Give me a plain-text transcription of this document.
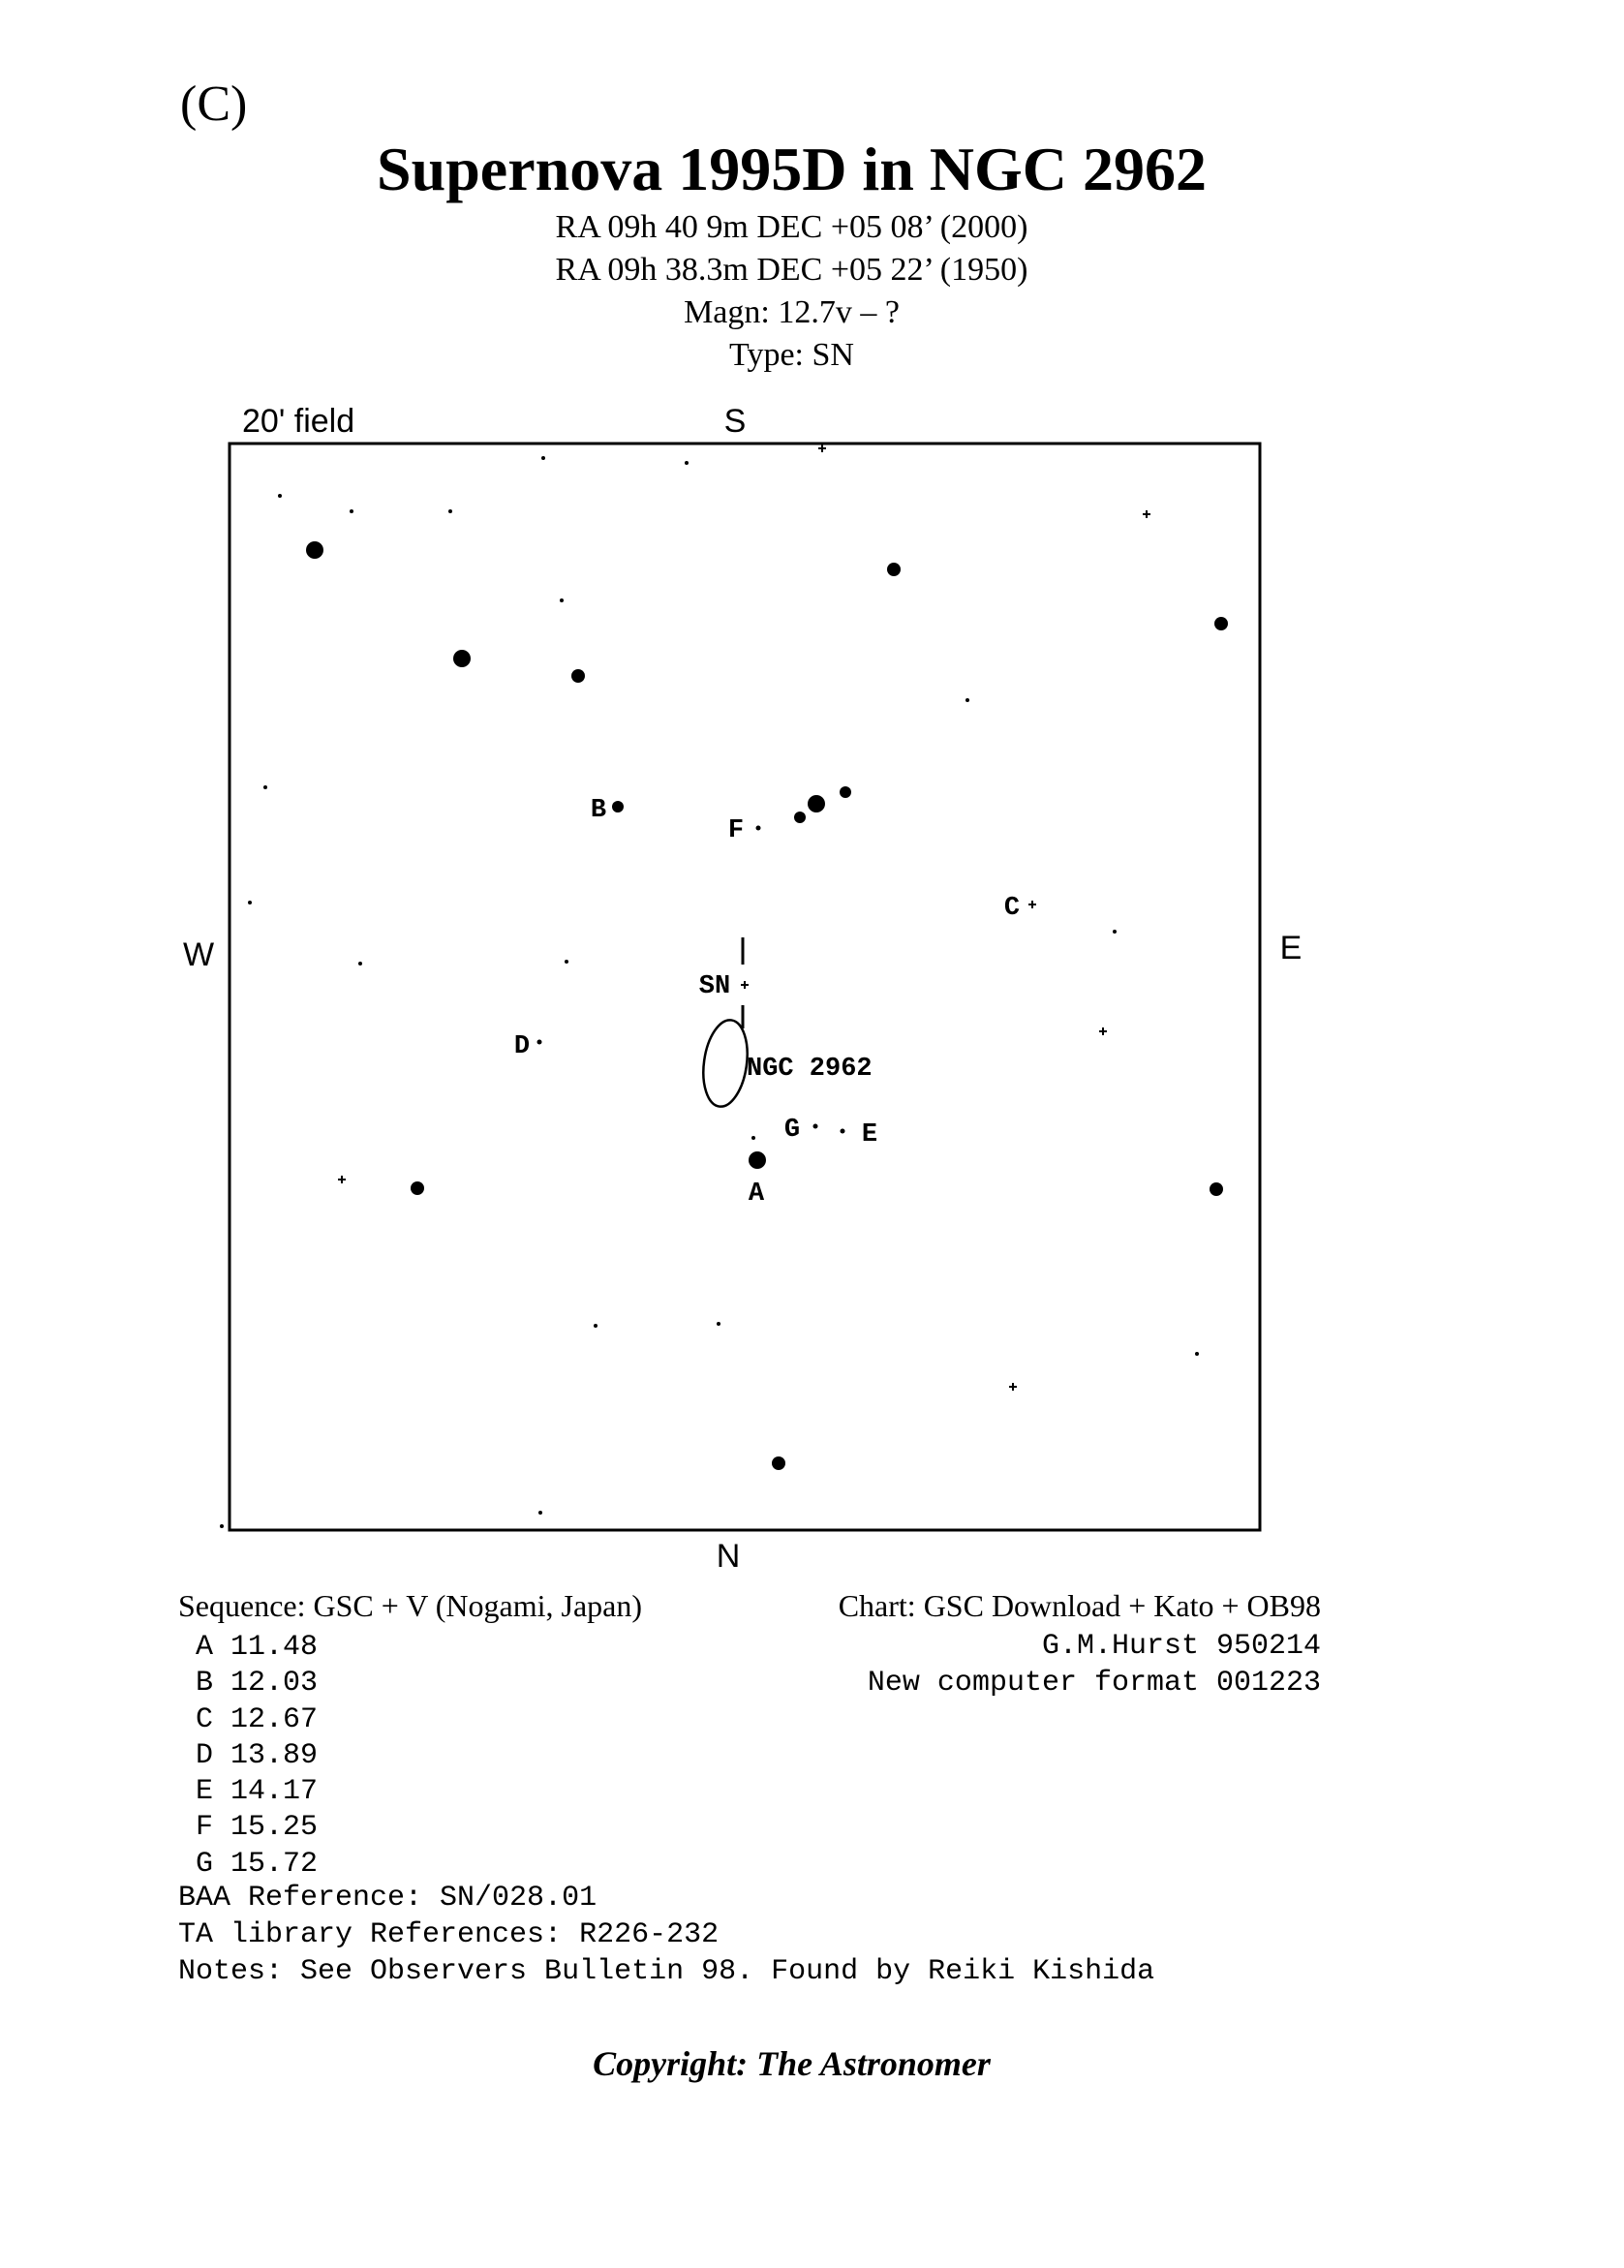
(C)
Supernova 1995D in NGC 2962
RA 09h 40 9m DEC +05 08’ (2000)
RA 09h 38.3m DEC +05 22’ (1950)
Magn: 12.7v – ?
Type: SN
20' field	S
N
W	E
SN
NGC 2962
A
B
C
D
E
F
G
Sequence: GSC + V (Nogami, Japan)
A 11.48
B 12.03
C 12.67
D 13.89
E 14.17
F 15.25
G 15.72
Chart: GSC Download + Kato + OB98
G.M.Hurst 950214
New computer format 001223
BAA Reference: SN/028.01
TA library References: R226-232
Notes: See Observers Bulletin 98. Found by Reiki Kishida
Copyright: The Astronomer
